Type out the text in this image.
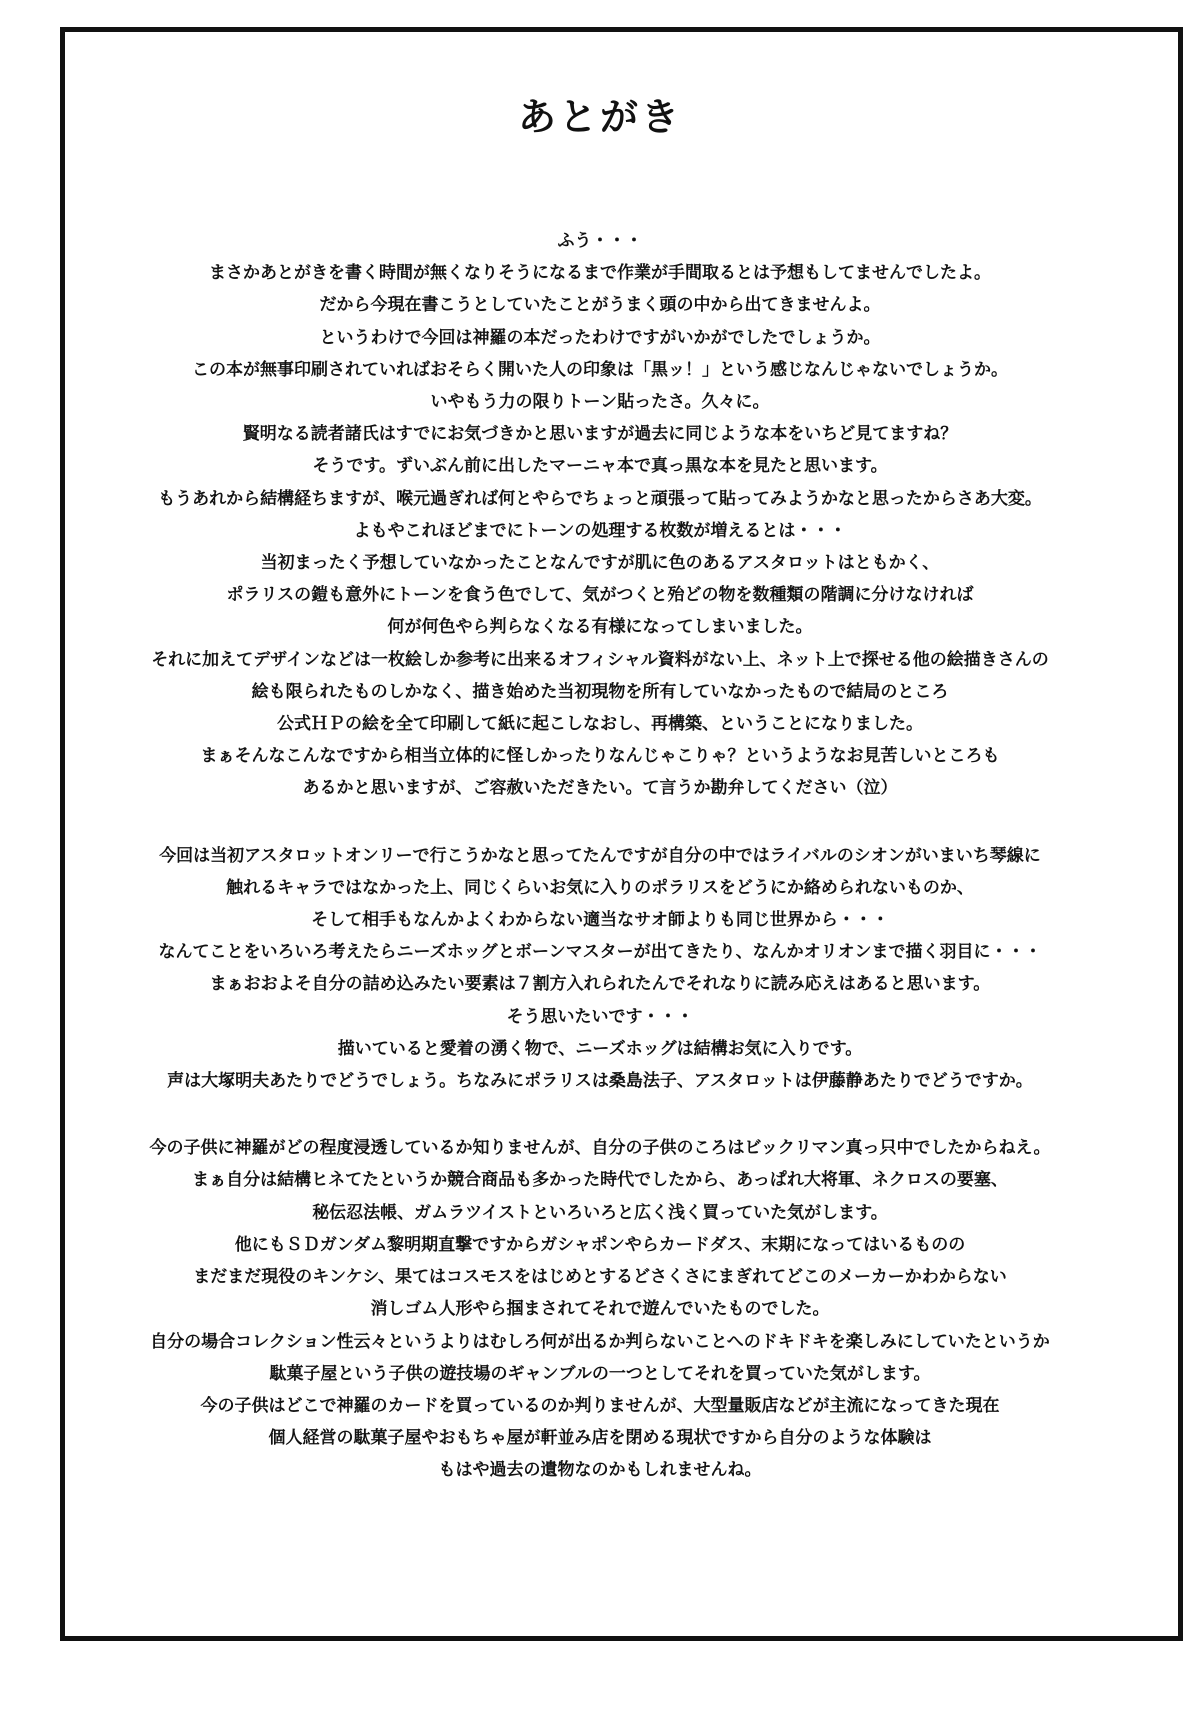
あとがき
ふう・・・
まさかあとがきを書く時間が無くなりそうになるまで作業が手間取るとは予想もしてませんでしたよ。
だから今現在書こうとしていたことがうまく頭の中から出てきませんよ。
というわけで今回は神羅の本だったわけですがいかがでしたでしょうか。
この本が無事印刷されていればおそらく開いた人の印象は「黒ッ！」という感じなんじゃないでしょうか。
いやもう力の限りトーン貼ったさ。久々に。
賢明なる読者諸氏はすでにお気づきかと思いますが過去に同じような本をいちど見てますね？
そうです。ずいぶん前に出したマーニャ本で真っ黒な本を見たと思います。
もうあれから結構経ちますが、喉元過ぎれば何とやらでちょっと頑張って貼ってみようかなと思ったからさあ大変。
よもやこれほどまでにトーンの処理する枚数が増えるとは・・・
当初まったく予想していなかったことなんですが肌に色のあるアスタロットはともかく、
ポラリスの鎧も意外にトーンを食う色でして、気がつくと殆どの物を数種類の階調に分けなければ
何が何色やら判らなくなる有様になってしまいました。
それに加えてデザインなどは一枚絵しか参考に出来るオフィシャル資料がない上、ネット上で探せる他の絵描きさんの
絵も限られたものしかなく、描き始めた当初現物を所有していなかったもので結局のところ
公式ＨＰの絵を全て印刷して紙に起こしなおし、再構築、ということになりました。
まぁそんなこんなですから相当立体的に怪しかったりなんじゃこりゃ？というようなお見苦しいところも
あるかと思いますが、ご容赦いただきたい。て言うか勘弁してください（泣）
今回は当初アスタロットオンリーで行こうかなと思ってたんですが自分の中ではライバルのシオンがいまいち琴線に
触れるキャラではなかった上、同じくらいお気に入りのポラリスをどうにか絡められないものか、
そして相手もなんかよくわからない適当なサオ師よりも同じ世界から・・・
なんてことをいろいろ考えたらニーズホッグとボーンマスターが出てきたり、なんかオリオンまで描く羽目に・・・
まぁおおよそ自分の詰め込みたい要素は７割方入れられたんでそれなりに読み応えはあると思います。
そう思いたいです・・・
描いていると愛着の湧く物で、ニーズホッグは結構お気に入りです。
声は大塚明夫あたりでどうでしょう。ちなみにポラリスは桑島法子、アスタロットは伊藤静あたりでどうですか。
今の子供に神羅がどの程度浸透しているか知りませんが、自分の子供のころはビックリマン真っ只中でしたからねえ。
まぁ自分は結構ヒネてたというか競合商品も多かった時代でしたから、あっぱれ大将軍、ネクロスの要塞、
秘伝忍法帳、ガムラツイストといろいろと広く浅く買っていた気がします。
他にもＳＤガンダム黎明期直撃ですからガシャポンやらカードダス、末期になってはいるものの
まだまだ現役のキンケシ、果てはコスモスをはじめとするどさくさにまぎれてどこのメーカーかわからない
消しゴム人形やら掴まされてそれで遊んでいたものでした。
自分の場合コレクション性云々というよりはむしろ何が出るか判らないことへのドキドキを楽しみにしていたというか
駄菓子屋という子供の遊技場のギャンブルの一つとしてそれを買っていた気がします。
今の子供はどこで神羅のカードを買っているのか判りませんが、大型量販店などが主流になってきた現在
個人経営の駄菓子屋やおもちゃ屋が軒並み店を閉める現状ですから自分のような体験は
もはや過去の遺物なのかもしれませんね。
